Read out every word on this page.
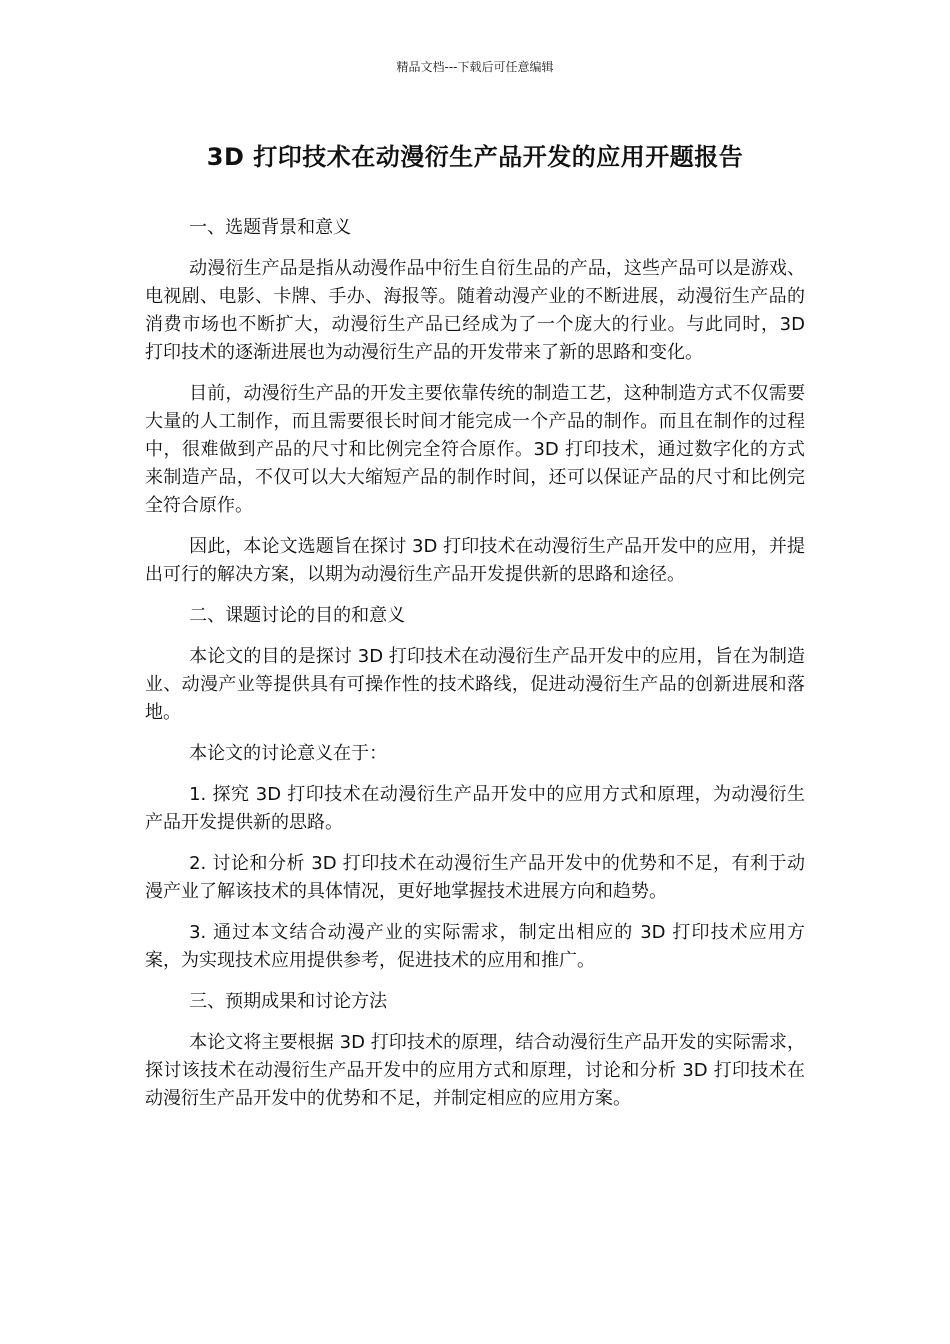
精品文档---下载后可任意编辑
3D 打印技术在动漫衍生产品开发的应用开题报告

一、选题背景和意义

动漫衍生产品是指从动漫作品中衍生自衍生品的产品，这些产品可以是游戏、电视剧、电影、卡牌、手办、海报等。随着动漫产业的不断进展，动漫衍生产品的消费市场也不断扩大，动漫衍生产品已经成为了一个庞大的行业。与此同时，3D 打印技术的逐渐进展也为动漫衍生产品的开发带来了新的思路和变化。

目前，动漫衍生产品的开发主要依靠传统的制造工艺，这种制造方式不仅需要大量的人工制作，而且需要很长时间才能完成一个产品的制作。而且在制作的过程中，很难做到产品的尺寸和比例完全符合原作。3D 打印技术，通过数字化的方式来制造产品，不仅可以大大缩短产品的制作时间，还可以保证产品的尺寸和比例完全符合原作。

因此，本论文选题旨在探讨 3D 打印技术在动漫衍生产品开发中的应用，并提出可行的解决方案，以期为动漫衍生产品开发提供新的思路和途径。

二、课题讨论的目的和意义

本论文的目的是探讨 3D 打印技术在动漫衍生产品开发中的应用，旨在为制造业、动漫产业等提供具有可操作性的技术路线，促进动漫衍生产品的创新进展和落地。

本论文的讨论意义在于：

1. 探究 3D 打印技术在动漫衍生产品开发中的应用方式和原理，为动漫衍生产品开发提供新的思路。

2. 讨论和分析 3D 打印技术在动漫衍生产品开发中的优势和不足，有利于动漫产业了解该技术的具体情况，更好地掌握技术进展方向和趋势。

3. 通过本文结合动漫产业的实际需求，制定出相应的 3D 打印技术应用方案，为实现技术应用提供参考，促进技术的应用和推广。

三、预期成果和讨论方法

本论文将主要根据 3D 打印技术的原理，结合动漫衍生产品开发的实际需求，探讨该技术在动漫衍生产品开发中的应用方式和原理，讨论和分析 3D 打印技术在动漫衍生产品开发中的优势和不足，并制定相应的应用方案。
